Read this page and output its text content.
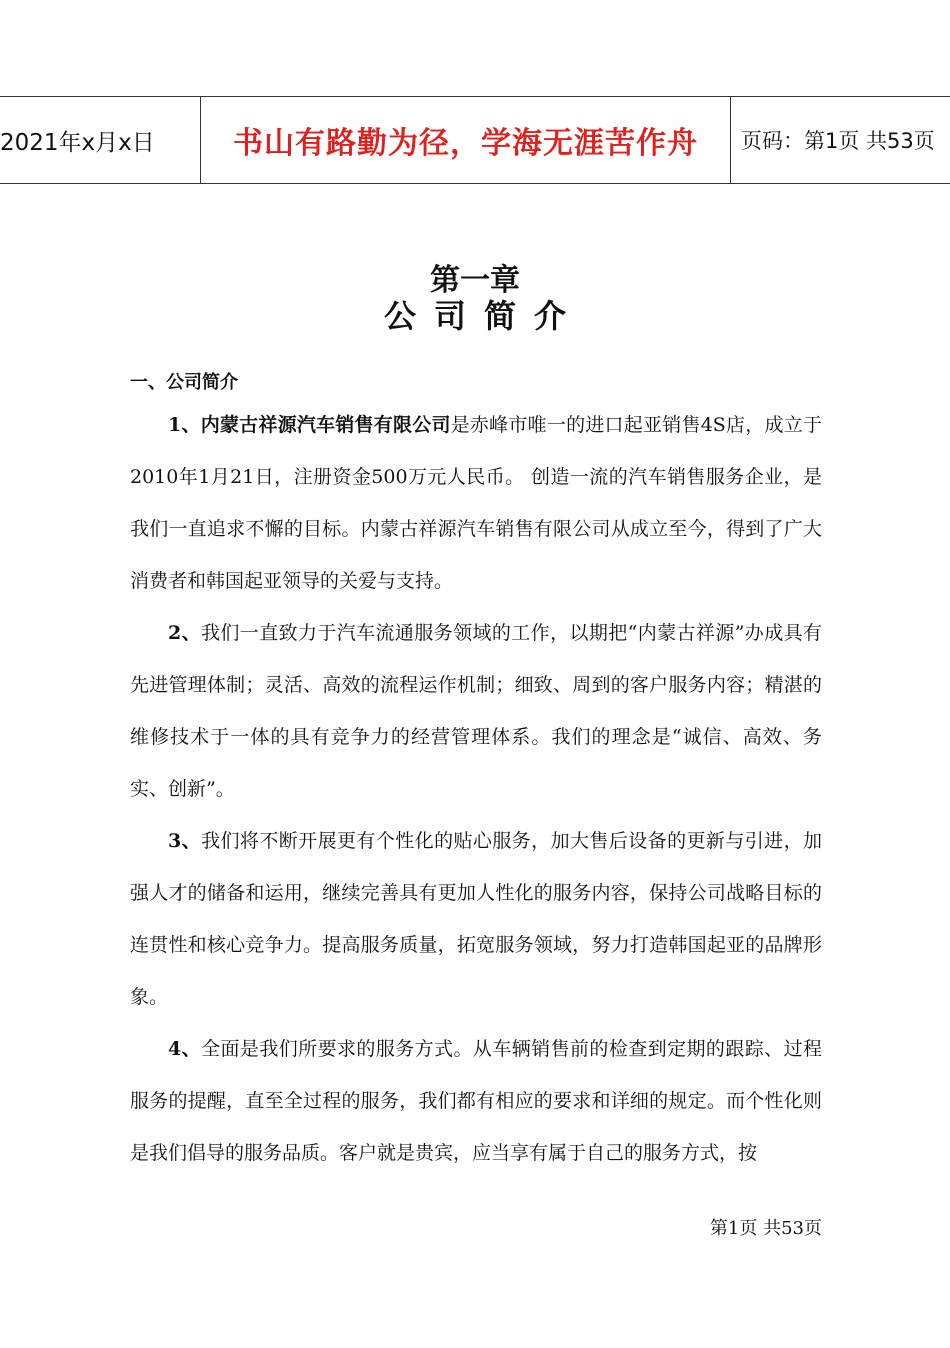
2021年x月x日	书山有路勤为径，学海无涯苦作舟	页码：第1页 共53页
第一章
公司简介
一、公司简介

1、内蒙古祥源汽车销售有限公司是赤峰市唯一的进口起亚销售4S店，成立于2010年1月21日，注册资金500万元人民币。 创造一流的汽车销售服务企业，是我们一直追求不懈的目标。内蒙古祥源汽车销售有限公司从成立至今，得到了广大消费者和韩国起亚领导的关爱与支持。

2、我们一直致力于汽车流通服务领域的工作，以期把“内蒙古祥源”办成具有先进管理体制；灵活、高效的流程运作机制；细致、周到的客户服务内容；精湛的维修技术于一体的具有竞争力的经营管理体系。我们的理念是“诚信、高效、务实、创新”。

3、我们将不断开展更有个性化的贴心服务，加大售后设备的更新与引进，加强人才的储备和运用，继续完善具有更加人性化的服务内容，保持公司战略目标的连贯性和核心竞争力。提高服务质量，拓宽服务领域，努力打造韩国起亚的品牌形象。

4、全面是我们所要求的服务方式。从车辆销售前的检查到定期的跟踪、过程服务的提醒，直至全过程的服务，我们都有相应的要求和详细的规定。而个性化则是我们倡导的服务品质。客户就是贵宾，应当享有属于自己的服务方式，按

第1页 共53页
